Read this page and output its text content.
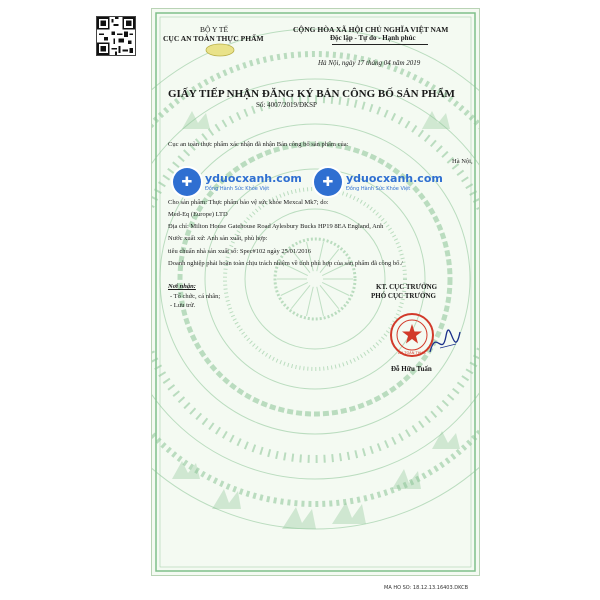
BỘ Y TẾ
CỤC AN TOÀN THỰC PHẨM
CỘNG HÒA XÃ HỘI CHỦ NGHĨA VIỆT NAM
Độc lập - Tự do - Hạnh phúc
Hà Nội, ngày 17 tháng 04 năm 2019
GIẤY TIẾP NHẬN ĐĂNG KÝ BẢN CÔNG BỐ SẢN PHẨM
Số: 4007/2019/ĐKSP
Cục an toàn thực phẩm xác nhận đã nhận Bản công bố sản phẩm của:
Hà Nội,
✚	yduocxanh.com
Đồng Hành Sức Khỏe Việt	✚	yduocxanh.com
Đồng Hành Sức Khỏe Việt
Cho sản phẩm: Thực phẩm bảo vệ sức khỏe Mexcal Mk7; do:
Med-Eq (Europe) LTD
Địa chỉ: Milton House Gatehouse Road Aylesbury Bucks HP19 8EA England, Anh
Nước xuất xứ: Anh sản xuất, phù hợp:
tiêu chuẩn nhà sản xuất số: Spec#102 ngày 25/01/2016
Doanh nghiệp phải hoàn toàn chịu trách nhiệm về tính phù hợp của sản phẩm đã công bố./
Nơi nhận:
- Tổ chức, cá nhân;
- Lưu trữ.
KT. CỤC TRƯỞNG
PHÓ CỤC TRƯỞNG
AN TOÀN THỰC
Đỗ Hữu Tuấn
MA HO SO: 18.12.13.16403.DKCB
